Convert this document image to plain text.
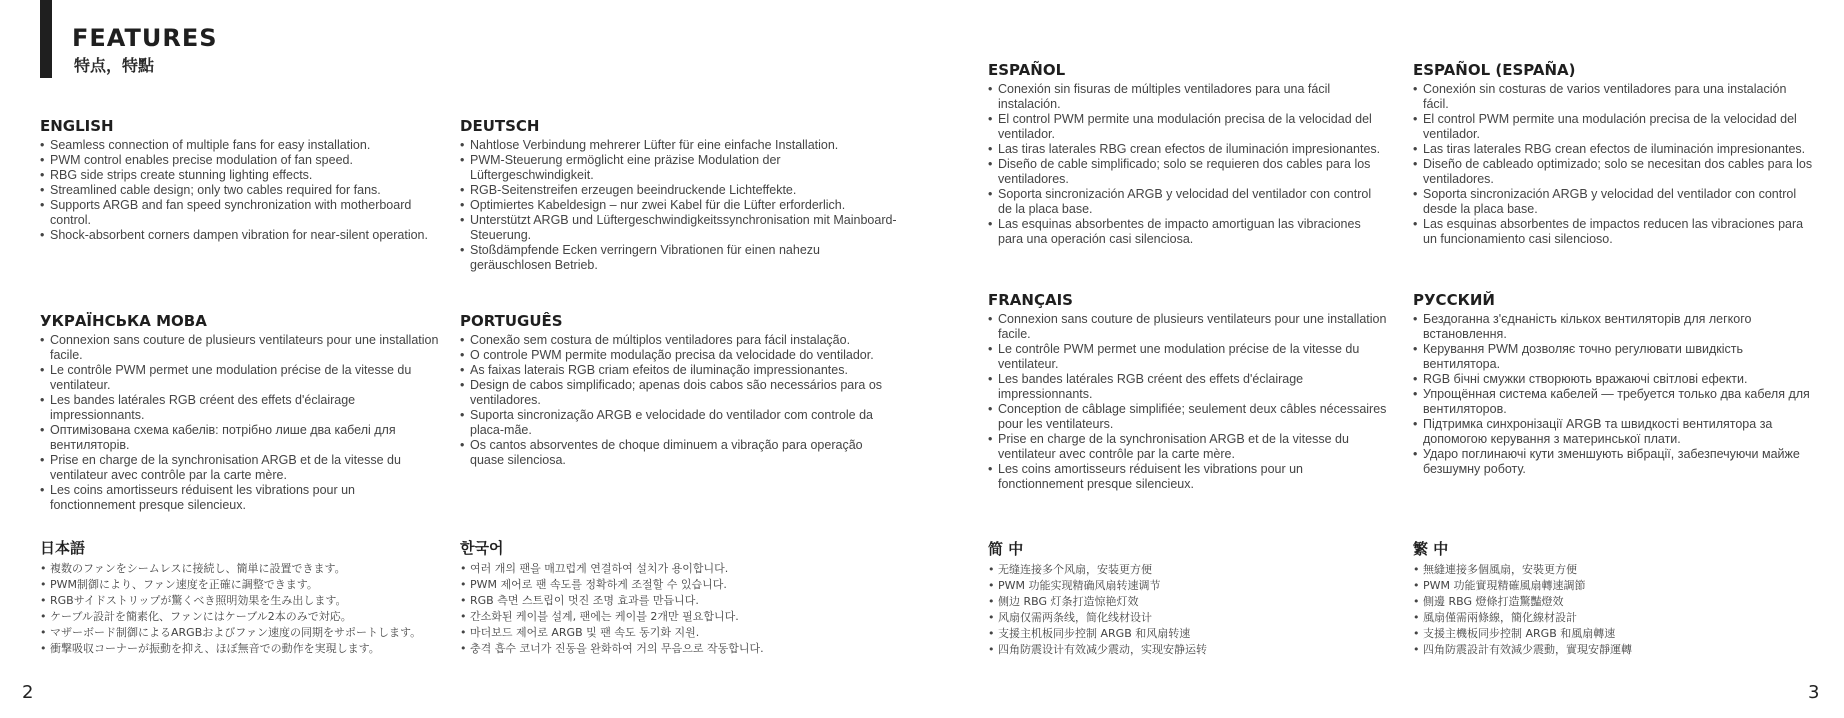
FEATURES
特点，特點
ENGLISH
• Seamless connection of multiple fans for easy installation.
• PWM control enables precise modulation of fan speed.
• RBG side strips create stunning lighting effects.
• Streamlined cable design; only two cables required for fans.
• Supports ARGB and fan speed synchronization with motherboard control.
• Shock-absorbent corners dampen vibration for near-silent operation.
DEUTSCH
• Nahtlose Verbindung mehrerer Lüfter für eine einfache Installation.
• PWM-Steuerung ermöglicht eine präzise Modulation der Lüftergeschwindigkeit.
• RGB-Seitenstreifen erzeugen beeindruckende Lichteffekte.
• Optimiertes Kabeldesign – nur zwei Kabel für die Lüfter erforderlich.
• Unterstützt ARGB und Lüftergeschwindigkeitssynchronisation mit Mainboard-Steuerung.
• Stoßdämpfende Ecken verringern Vibrationen für einen nahezu geräuschlosen Betrieb.
УКРАЇНСЬКА МОВА
• Connexion sans couture de plusieurs ventilateurs pour une installation facile.
• Le contrôle PWM permet une modulation précise de la vitesse du ventilateur.
• Les bandes latérales RGB créent des effets d'éclairage impressionnants.
• Оптимізована схема кабелів: потрібно лише два кабелі для вентиляторів.
• Prise en charge de la synchronisation ARGB et de la vitesse du ventilateur avec contrôle par la carte mère.
• Les coins amortisseurs réduisent les vibrations pour un fonctionnement presque silencieux.
PORTUGUÊS
• Conexão sem costura de múltiplos ventiladores para fácil instalação.
• O controle PWM permite modulação precisa da velocidade do ventilador.
• As faixas laterais RGB criam efeitos de iluminação impressionantes.
• Design de cabos simplificado; apenas dois cabos são necessários para os ventiladores.
• Suporta sincronização ARGB e velocidade do ventilador com controle da placa-mãe.
• Os cantos absorventes de choque diminuem a vibração para operação quase silenciosa.
日本語
• 複数のファンをシームレスに接続し、簡単に設置できます。
• PWM制御により、ファン速度を正確に調整できます。
• RGBサイドストリップが驚くべき照明効果を生み出します。
• ケーブル設計を簡素化、ファンにはケーブル2本のみで対応。
• マザーボード制御によるARGBおよびファン速度の同期をサポートします。
• 衝撃吸収コーナーが振動を抑え、ほぼ無音での動作を実現します。
한국어
• 여러 개의 팬을 매끄럽게 연결하여 설치가 용이합니다.
• PWM 제어로 팬 속도를 정확하게 조절할 수 있습니다.
• RGB 측면 스트립이 멋진 조명 효과를 만듭니다.
• 간소화된 케이블 설계, 팬에는 케이블 2개만 필요합니다.
• 마더보드 제어로 ARGB 및 팬 속도 동기화 지원.
• 충격 흡수 코너가 진동을 완화하여 거의 무음으로 작동합니다.
ESPAÑOL
• Conexión sin fisuras de múltiples ventiladores para una fácil instalación.
• El control PWM permite una modulación precisa de la velocidad del ventilador.
• Las tiras laterales RBG crean efectos de iluminación impresionantes.
• Diseño de cable simplificado; solo se requieren dos cables para los ventiladores.
• Soporta sincronización ARGB y velocidad del ventilador con control de la placa base.
• Las esquinas absorbentes de impacto amortiguan las vibraciones para una operación casi silenciosa.
ESPAÑOL (ESPAÑA)
• Conexión sin costuras de varios ventiladores para una instalación fácil.
• El control PWM permite una modulación precisa de la velocidad del ventilador.
• Las tiras laterales RBG crean efectos de iluminación impresionantes.
• Diseño de cableado optimizado; solo se necesitan dos cables para los ventiladores.
• Soporta sincronización ARGB y velocidad del ventilador con control desde la placa base.
• Las esquinas absorbentes de impactos reducen las vibraciones para un funcionamiento casi silencioso.
FRANÇAIS
• Connexion sans couture de plusieurs ventilateurs pour une installation facile.
• Le contrôle PWM permet une modulation précise de la vitesse du ventilateur.
• Les bandes latérales RGB créent des effets d'éclairage impressionnants.
• Conception de câblage simplifiée; seulement deux câbles nécessaires pour les ventilateurs.
• Prise en charge de la synchronisation ARGB et de la vitesse du ventilateur avec contrôle par la carte mère.
• Les coins amortisseurs réduisent les vibrations pour un fonctionnement presque silencieux.
РУССКИЙ
• Бездоганна з'єднаність кількох вентиляторів для легкого встановлення.
• Керування PWM дозволяє точно регулювати швидкість вентилятора.
• RGB бічні смужки створюють вражаючі світлові ефекти.
• Упрощённая система кабелей — требуется только два кабеля для вентиляторов.
• Підтримка синхронізації ARGB та швидкості вентилятора за допомогою керування з материнської плати.
• Ударо поглинаючі кути зменшують вібрації, забезпечуючи майже безшумну роботу.
简 中
• 无缝连接多个风扇，安装更方便
• PWM 功能实现精确风扇转速调节
• 侧边 RBG 灯条打造惊艳灯效
• 风扇仅需两条线，简化线材设计
• 支援主机板同步控制 ARGB 和风扇转速
• 四角防震设计有效减少震动，实现安静运转
繁 中
• 無縫連接多個風扇，安裝更方便
• PWM 功能實現精確風扇轉速調節
• 側邊 RBG 燈條打造驚豔燈效
• 風扇僅需兩條線，簡化線材設計
• 支援主機板同步控制 ARGB 和風扇轉速
• 四角防震設計有效減少震動，實現安靜運轉

2	3
